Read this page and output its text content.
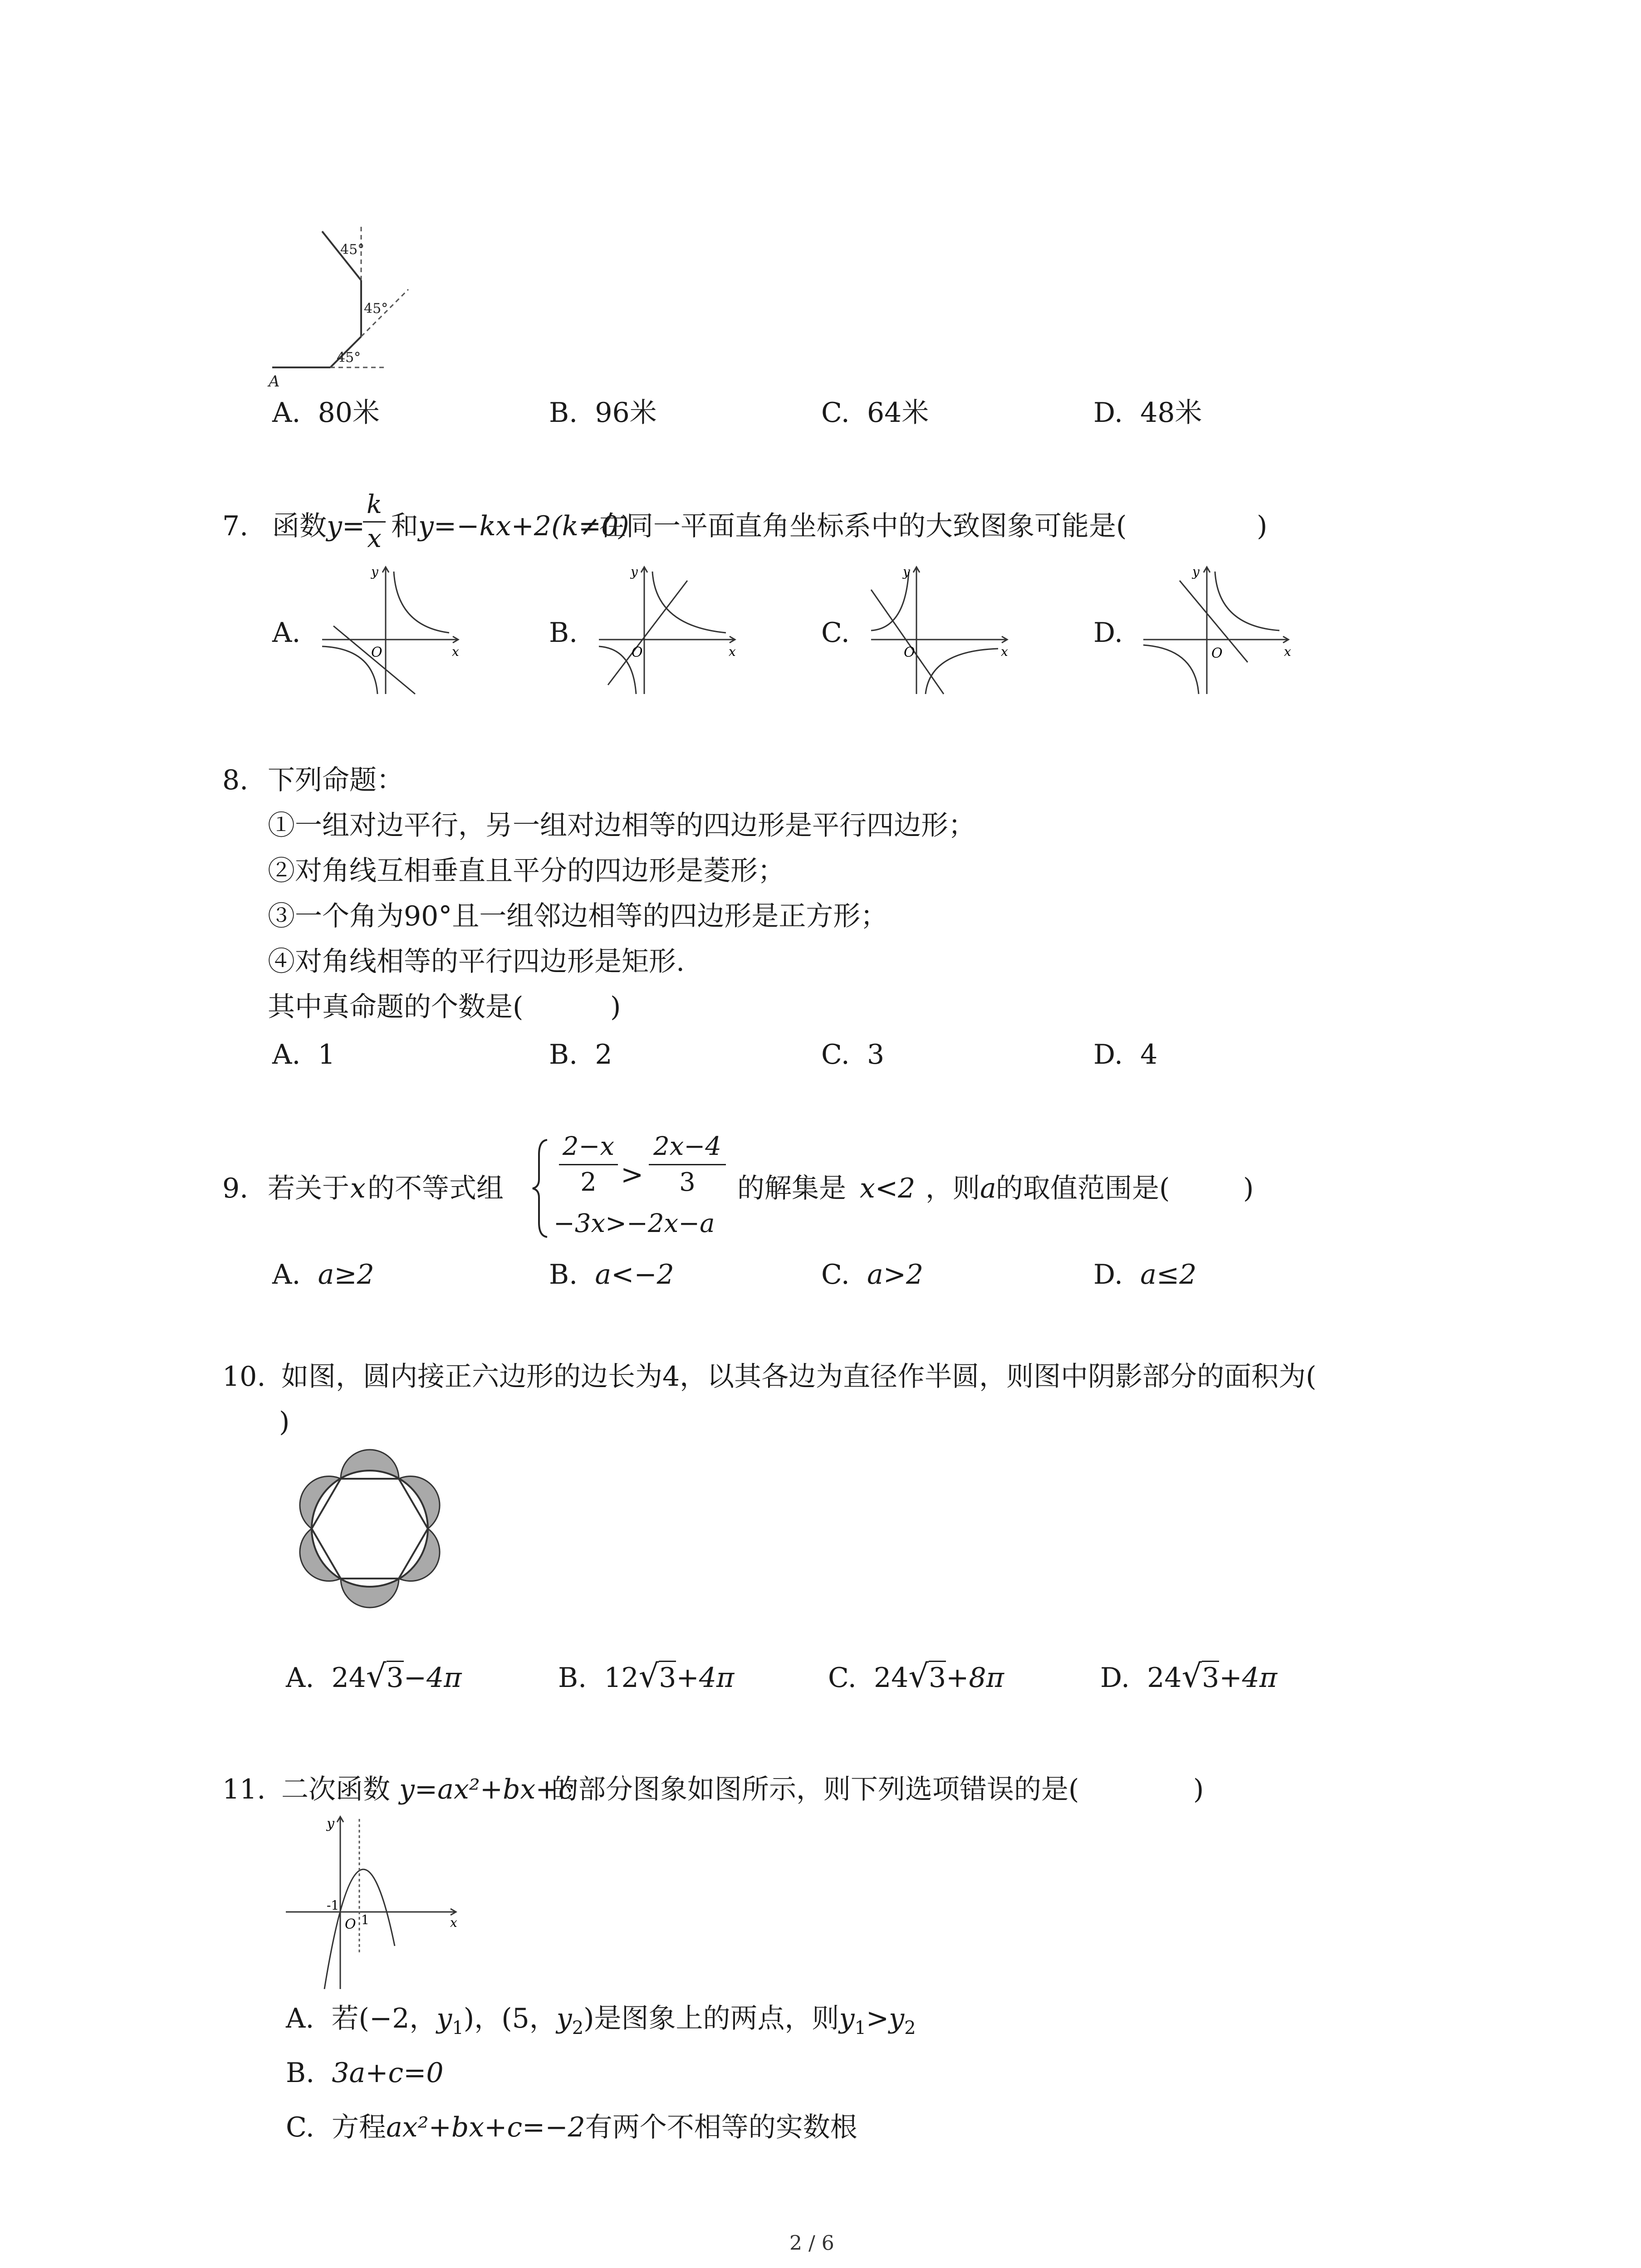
45°
45°
45°
A
A. 80米	B. 96米	C. 64米	D. 48米
7. 函数 y=
k
x 和 y=−kx+2(k≠0)
在同一平面直角坐标系中的大致图象可能是(	)
A.	B.	C.	D.
y
O	x
y
O	x
y
O	x
y
O	x
8. 下列命题：
①一组对边平行，另一组对边相等的四边形是平行四边形；
②对角线互相垂直且平分的四边形是菱形；
③一个角为90°且一组邻边相等的四边形是正方形；
④对角线相等的平行四边形是矩形.
其中真命题的个数是(	)
A. 1	B. 2	C. 3	D. 4
9. 若关于 x 的不等式组
2−x
2 >
2x−4
3
−3x>−2x−a
的解集是 x<2 ，则 a 的取值范围是(	)
A. a≥2	B. a<−2	C. a>2	D. a≤2
10. 如图，圆内接正六边形的边长为4，以其各边为直径作半圆，则图中阴影部分的面积为(
)
A. 24√3−4π	B. 12√3+4π	C. 24√3+8π	D. 24√3+4π
11. 二次函数 y=ax²+bx+c
的部分图象如图所示，则下列选项错误的是(	)
y
-1
O 1	x
A. 若(−2，$y_1$)，(5，$y_2$)是图象上的两点，则$y_1>y_2$
B. 3a+c=0
C. 方程ax²+bx+c=−2有两个不相等的实数根
2 / 6
